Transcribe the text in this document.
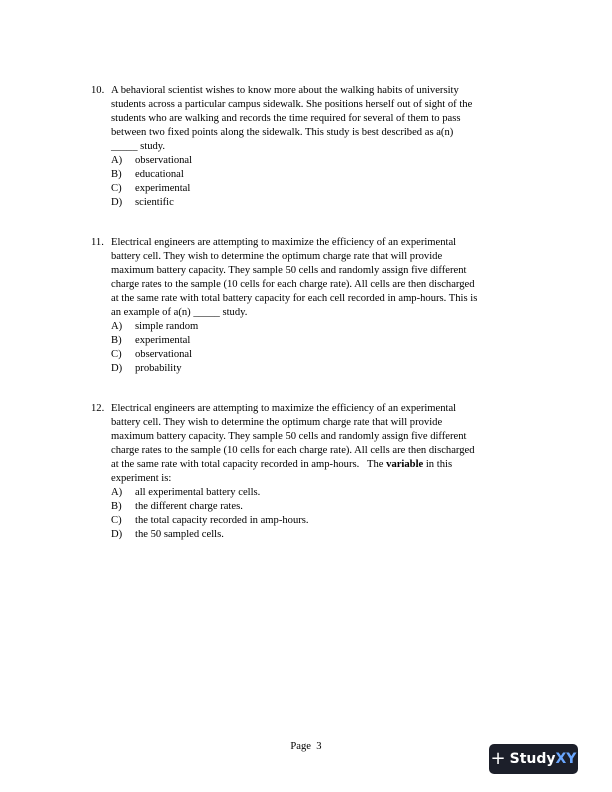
10. A behavioral scientist wishes to know more about the walking habits of university
students across a particular campus sidewalk. She positions herself out of sight of the
students who are walking and records the time required for several of them to pass
between two fixed points along the sidewalk. This study is best described as a(n)
_____ study.
A)	observational
B)	educational
C)	experimental
D)	scientific
11. Electrical engineers are attempting to maximize the efficiency of an experimental
battery cell. They wish to determine the optimum charge rate that will provide
maximum battery capacity. They sample 50 cells and randomly assign five different
charge rates to the sample (10 cells for each charge rate). All cells are then discharged
at the same rate with total battery capacity for each cell recorded in amp-hours. This is
an example of a(n) _____ study.
A)	simple random
B)	experimental
C)	observational
D)	probability
12. Electrical engineers are attempting to maximize the efficiency of an experimental
battery cell. They wish to determine the optimum charge rate that will provide
maximum battery capacity. They sample 50 cells and randomly assign five different
charge rates to the sample (10 cells for each charge rate). All cells are then discharged
at the same rate with total capacity recorded in amp-hours.   The variable in this
experiment is:
A)	all experimental battery cells.
B)	the different charge rates.
C)	the total capacity recorded in amp-hours.
D)	the 50 sampled cells.
Page  3
+ Study XY
